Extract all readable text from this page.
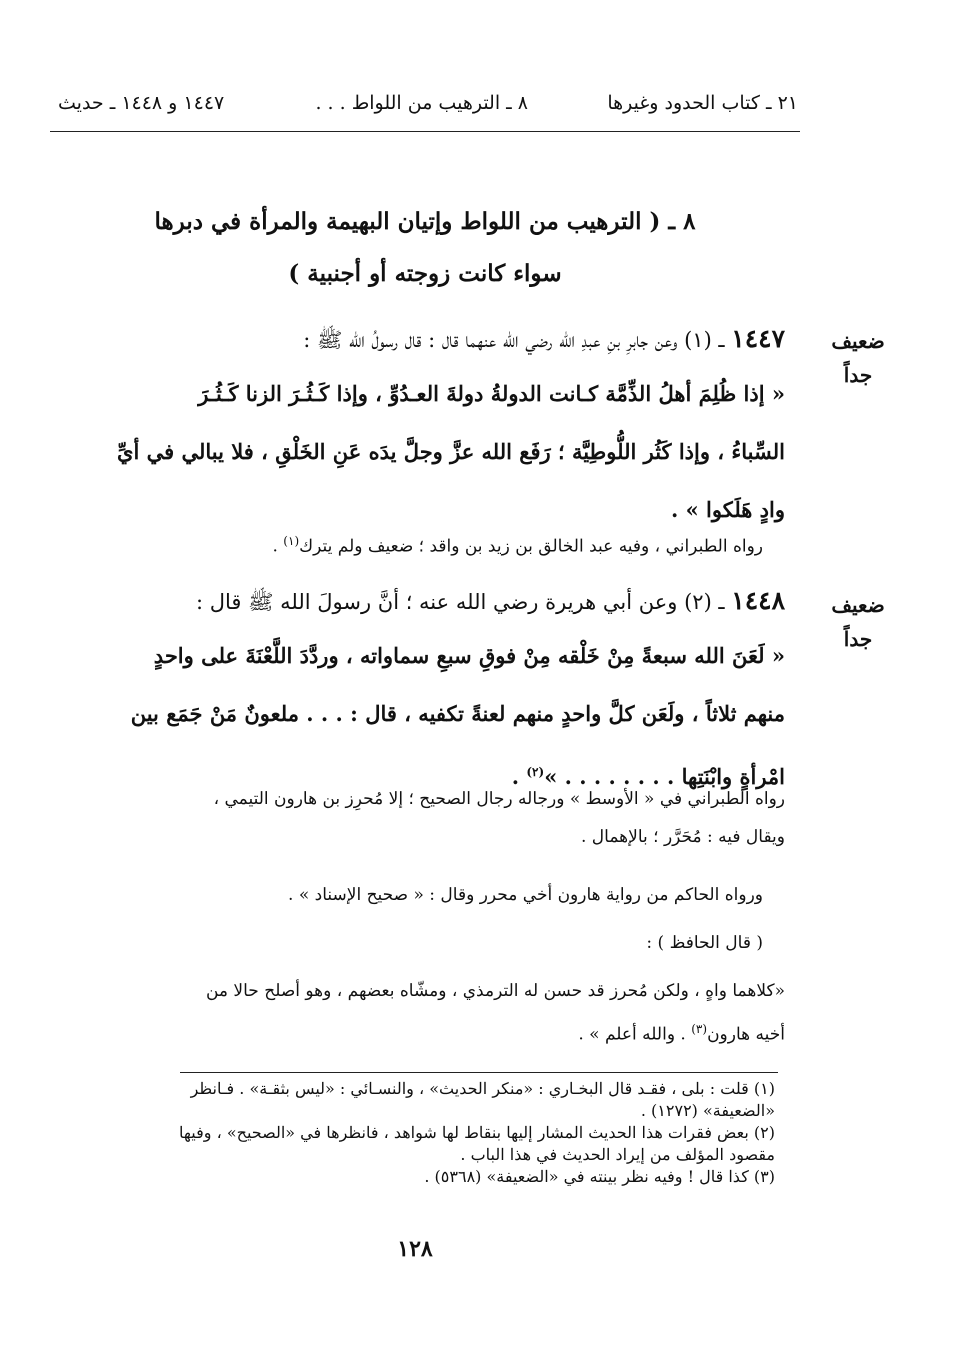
٢١ ـ كتاب الحدود وغيرها
٨ ـ الترهيب من اللواط . . .
١٤٤٧ و ١٤٤٨ ـ حديث
٨ ـ ( الترهيب من اللواط وإتيان البهيمة والمرأة في دبرها
سواء كانت زوجته أو أجنبية )
ضعيف
جداً
١٤٤٧ ـ (١) وعن جابرِ بنِ عبدِ الله رضي الله عنهما قال : قال رسولُ الله ﷺ :
« إذا ظُلِمَ أهلُ الذِّمَّة كـانت الدولةُ دولةَ العـدُوِّ ، وإذا كَـثُـرَ الزنا كَـثُـرَ
السِّباءُ ، وإذا كَثُر اللُّوطِيَّة ؛ رَفَع الله عزَّ وجلَّ يدَه عَنِ الخَلْقِ ، فلا يبالي في أيِّ
وادٍ هَلَكوا » .
رواه الطبراني ، وفيه عبد الخالق بن زيد بن واقد ؛ ضعيف ولم يترك$^{(١)}$ .
ضعيف
جداً
١٤٤٨ ـ (٢) وعن أبي هريرة رضي الله عنه ؛ أنَّ رسولَ الله ﷺ قال :
« لَعَنَ الله سبعةً مِنْ خَلْقه مِنْ فوقِ سبعِ سماواته ، وردَّدَ اللَّعْنَةَ على واحدٍ
منهم ثلاثاً ، ولَعَن كلَّ واحدٍ منهم لعنةً تكفيه ، قال : . . . ملعونٌ مَنْ جَمَع بين
امْرأةٍ وابْنَتِها . . . . . . . . »$^{(٢)}$ .
رواه الطبراني في « الأوسط » ورجاله رجال الصحيح ؛ إلا مُحرِز بن هارون التيمي ،
ويقال فيه : مُحَرَّر ؛ بالإهمال .
ورواه الحاكم من رواية هارون أخي محرر وقال : « صحيح الإسناد » .
( قال الحافظ ) :
«كلاهما واهٍ ، ولكن مُحرز قد حسن له الترمذي ، ومشّاه بعضهم ، وهو أصلح حالا من
أخيه هارون$^{(٣)}$ . والله أعلم » .
(١) قلت : بلى ، فقـد قال البخـاري : «منكر الحديث» ، والنسـائي : «ليس بثقـة» . فـانظر
«الضعيفة» (١٢٧٢) .
(٢) بعض فقرات هذا الحديث المشار إليها بنقاط لها شواهد ، فانظرها في «الصحيح» ، وفيها
مقصود المؤلف من إيراد الحديث في هذا الباب .
(٣) كذا قال ! وفيه نظر بينته في «الضعيفة» (٥٣٦٨) .
١٢٨
